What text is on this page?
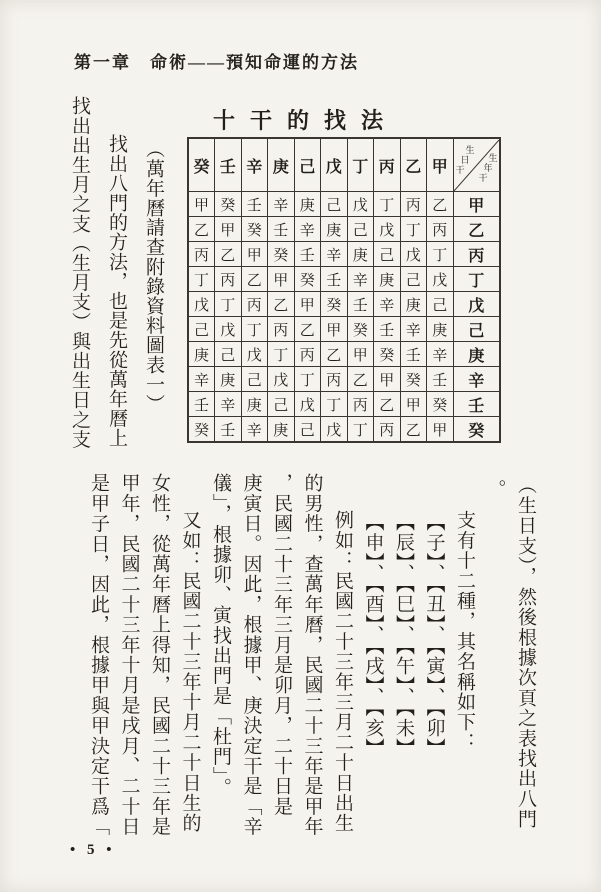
第一章　命術——預知命運的方法
十干的找法
癸	壬	辛	庚	己	戊	丁	丙	乙	甲	
生
日
干
生
年
干

甲	癸	壬	辛	庚	己	戊	丁	丙	乙	甲
乙	甲	癸	壬	辛	庚	己	戊	丁	丙	乙
丙	乙	甲	癸	壬	辛	庚	己	戊	丁	丙
丁	丙	乙	甲	癸	壬	辛	庚	己	戊	丁
戊	丁	丙	乙	甲	癸	壬	辛	庚	己	戊
己	戊	丁	丙	乙	甲	癸	壬	辛	庚	己
庚	己	戊	丁	丙	乙	甲	癸	壬	辛	庚
辛	庚	己	戊	丁	丙	乙	甲	癸	壬	辛
壬	辛	庚	己	戊	丁	丙	乙	甲	癸	壬
癸	壬	辛	庚	己	戊	丁	丙	乙	甲	癸
（萬年曆請查附錄資料圖表一）
找出八門的方法，也是先從萬年曆上
找出出生月之支（生月支）與出生日之支
（生日支），然後根據次頁之表找出八門
。
支有十二種，其名稱如下：
【子】、【丑】、【寅】、【卯】
【辰】、【巳】、【午】、【未】
【申】、【酉】、【戌】、【亥】
例如：民國二十三年三月二十日出生
的男性，查萬年曆，民國二十三年是甲年
，民國二十三年三月是卯月，二十日是
庚寅日。因此，根據甲、庚決定干是「辛
儀」，根據卯、寅找出門是「杜門」。
又如：民國二十三年十月二十日生的
女性，從萬年曆上得知，民國二十三年是
甲年，民國二十三年十月是戌月、二十日
是甲子日，因此，根據甲與甲決定干爲「
• 5 •
